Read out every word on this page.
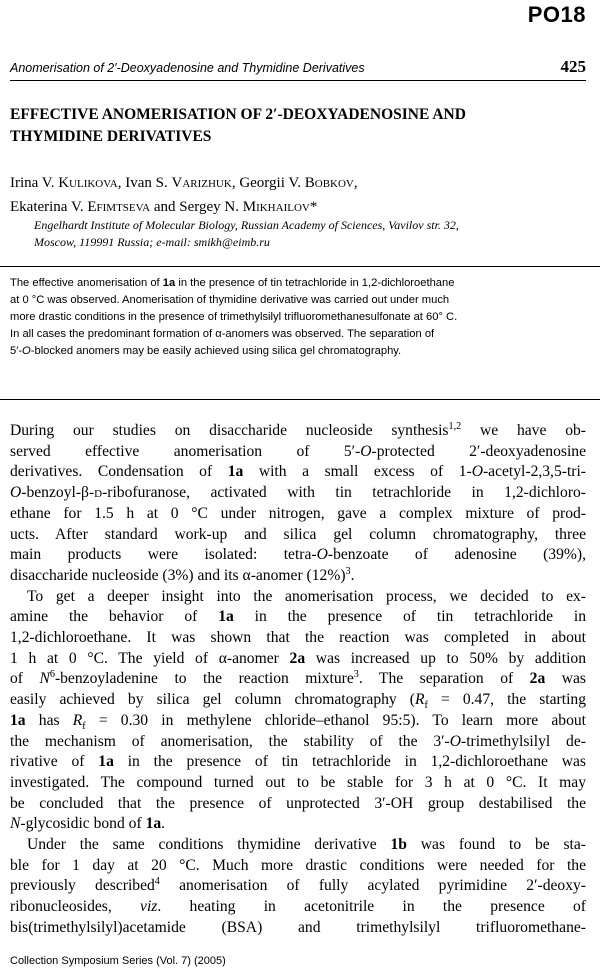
PO18
Anomerisation of 2′-Deoxyadenosine and Thymidine Derivatives	425
EFFECTIVE ANOMERISATION OF 2′-DEOXYADENOSINE AND
THYMIDINE DERIVATIVES
Irina V. Kulikova, Ivan S. Varizhuk, Georgii V. Bobkov,
Ekaterina V. Efimtseva and Sergey N. Mikhailov*
Engelhardt Institute of Molecular Biology, Russian Academy of Sciences, Vavilov str. 32,
Moscow, 119991 Russia; e-mail: smikh@eimb.ru
The effective anomerisation of 1a in the presence of tin tetrachloride in 1,2-dichloroethane
at 0 °C was observed. Anomerisation of thymidine derivative was carried out under much
more drastic conditions in the presence of trimethylsilyl trifluoromethanesulfonate at 60° C.
In all cases the predominant formation of α-anomers was observed. The separation of
5′-O-blocked anomers may be easily achieved using silica gel chromatography.
During our studies on disaccharide nucleoside synthesis$^{1,2}$ we have ob-
served effective anomerisation of 5′-O-protected 2′-deoxyadenosine
derivatives. Condensation of 1a with a small excess of 1-O-acetyl-2,3,5-tri-
O-benzoyl-β-d-ribofuranose, activated with tin tetrachloride in 1,2-dichloro-
ethane for 1.5 h at 0 °C under nitrogen, gave a complex mixture of prod-
ucts. After standard work-up and silica gel column chromatography, three
main products were isolated: tetra-O-benzoate of adenosine (39%),
disaccharide nucleoside (3%) and its α-anomer $(12\%)^3$.
To get a deeper insight into the anomerisation process, we decided to ex-
amine the behavior of 1a in the presence of tin tetrachloride in
1,2-dichloroethane. It was shown that the reaction was completed in about
1 h at 0 °C. The yield of α-anomer 2a was increased up to 50% by addition
of $N^6$-benzoyladenine to the reaction mixture$^3$. The separation of 2a was
easily achieved by silica gel column chromatography ($R_f = 0.47$, the starting
1a has $R_f = 0.30$ in methylene chloride–ethanol 95:5). To learn more about
the mechanism of anomerisation, the stability of the 3′-O-trimethylsilyl de-
rivative of 1a in the presence of tin tetrachloride in 1,2-dichloroethane was
investigated. The compound turned out to be stable for 3 h at 0 °C. It may
be concluded that the presence of unprotected 3′-OH group destabilised the
N-glycosidic bond of 1a.
Under the same conditions thymidine derivative 1b was found to be sta-
ble for 1 day at 20 °C. Much more drastic conditions were needed for the
previously described$^4$ anomerisation of fully acylated pyrimidine 2′-deoxy-
ribonucleosides, viz. heating in acetonitrile in the presence of
bis(trimethylsilyl)acetamide (BSA) and trimethylsilyl trifluoromethane-
Collection Symposium Series (Vol. 7) (2005)
